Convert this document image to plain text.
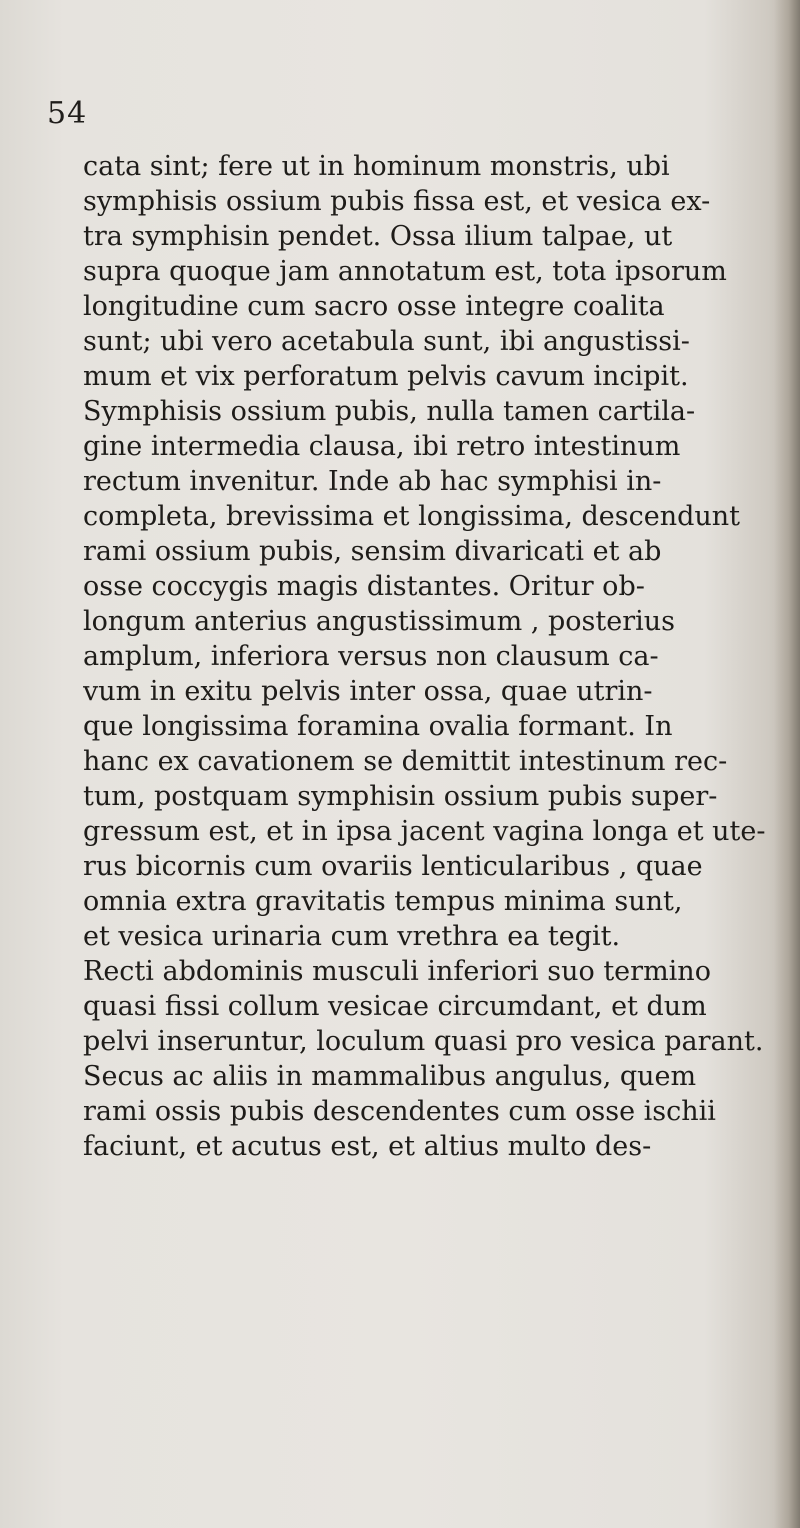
54

cata sint; fere ut in hominum monstris, ubi
symphisis ossium pubis fissa est, et vesica ex-
tra symphisin pendet. Ossa ilium talpae, ut
supra quoque jam annotatum est, tota ipsorum
longitudine cum sacro osse integre coalita
sunt; ubi vero acetabula sunt, ibi angustissi-
mum et vix perforatum pelvis cavum incipit.
Symphisis ossium pubis, nulla tamen cartila-
gine intermedia clausa, ibi retro intestinum
rectum invenitur. Inde ab hac symphisi in-
completa, brevissima et longissima, descendunt
rami ossium pubis, sensim divaricati et ab
osse coccygis magis distantes. Oritur ob-
longum anterius angustissimum , posterius
amplum, inferiora versus non clausum ca-
vum in exitu pelvis inter ossa, quae utrin-
que longissima foramina ovalia formant. In
hanc ex cavationem se demittit intestinum rec-
tum, postquam symphisin ossium pubis super-
gressum est, et in ipsa jacent vagina longa et ute-
rus bicornis cum ovariis lenticularibus , quae
omnia extra gravitatis tempus minima sunt,
et vesica urinaria cum vrethra ea tegit.
Recti abdominis musculi inferiori suo termino
quasi fissi collum vesicae circumdant, et dum
pelvi inseruntur, loculum quasi pro vesica parant.
Secus ac aliis in mammalibus angulus, quem
rami ossis pubis descendentes cum osse ischii
faciunt, et acutus est, et altius multo des-
